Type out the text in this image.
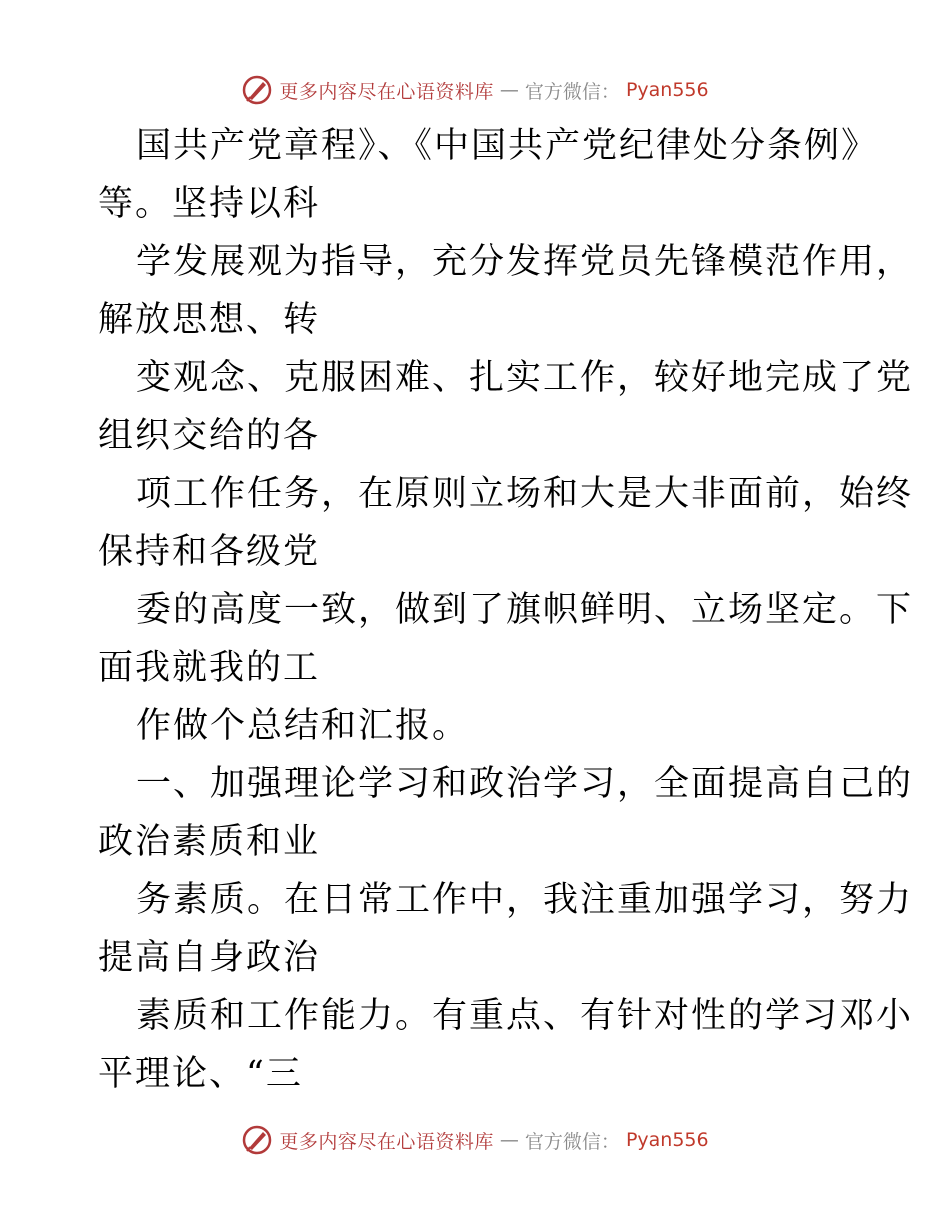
更多内容尽在心语资料库 — 官方微信： Pyan556
国共产党章程》、《中国共产党纪律处分条例》
等。坚持以科
学发展观为指导，充分发挥党员先锋模范作用，
解放思想、转
变观念、克服困难、扎实工作，较好地完成了党
组织交给的各
项工作任务，在原则立场和大是大非面前，始终
保持和各级党
委的高度一致，做到了旗帜鲜明、立场坚定。下
面我就我的工
作做个总结和汇报。
一、加强理论学习和政治学习，全面提高自己的
政治素质和业
务素质。在日常工作中，我注重加强学习，努力
提高自身政治
素质和工作能力。有重点、有针对性的学习邓小
平理论、“三
更多内容尽在心语资料库 — 官方微信： Pyan556
